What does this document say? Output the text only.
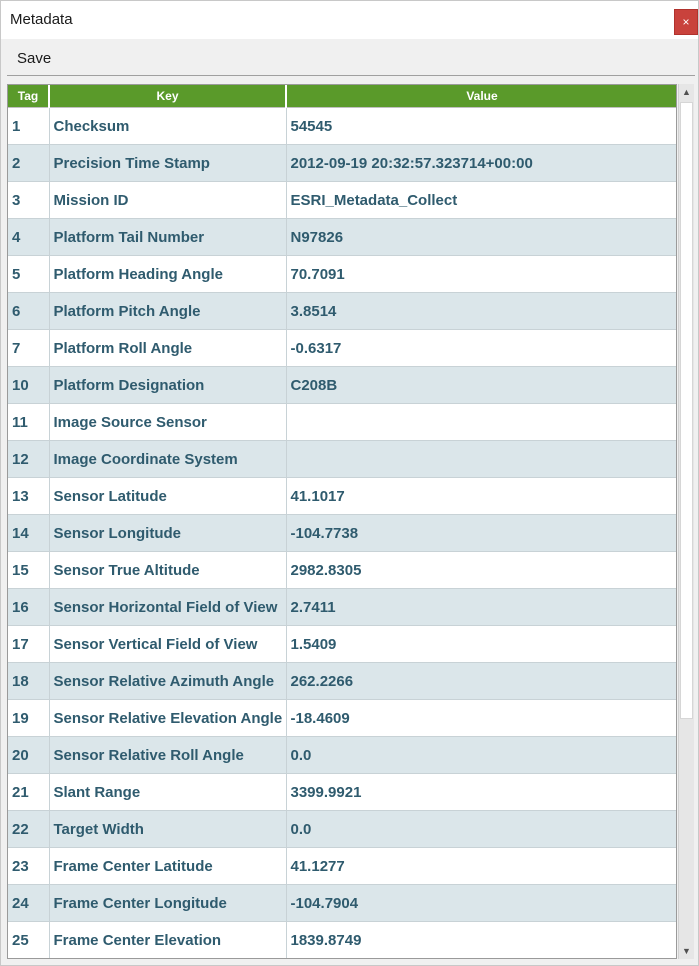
Metadata	×
Save
Tag	Key	Value
1	Checksum	54545
2	Precision Time Stamp	2012-09-19 20:32:57.323714+00:00
3	Mission ID	ESRI_Metadata_Collect
4	Platform Tail Number	N97826
5	Platform Heading Angle	70.7091
6	Platform Pitch Angle	3.8514
7	Platform Roll Angle	-0.6317
10	Platform Designation	C208B
11	Image Source Sensor	
12	Image Coordinate System	
13	Sensor Latitude	41.1017
14	Sensor Longitude	-104.7738
15	Sensor True Altitude	2982.8305
16	Sensor Horizontal Field of View	2.7411
17	Sensor Vertical Field of View	1.5409
18	Sensor Relative Azimuth Angle	262.2266
19	Sensor Relative Elevation Angle	-18.4609
20	Sensor Relative Roll Angle	0.0
21	Slant Range	3399.9921
22	Target Width	0.0
23	Frame Center Latitude	41.1277
24	Frame Center Longitude	-104.7904
25	Frame Center Elevation	1839.8749
▲
▼
